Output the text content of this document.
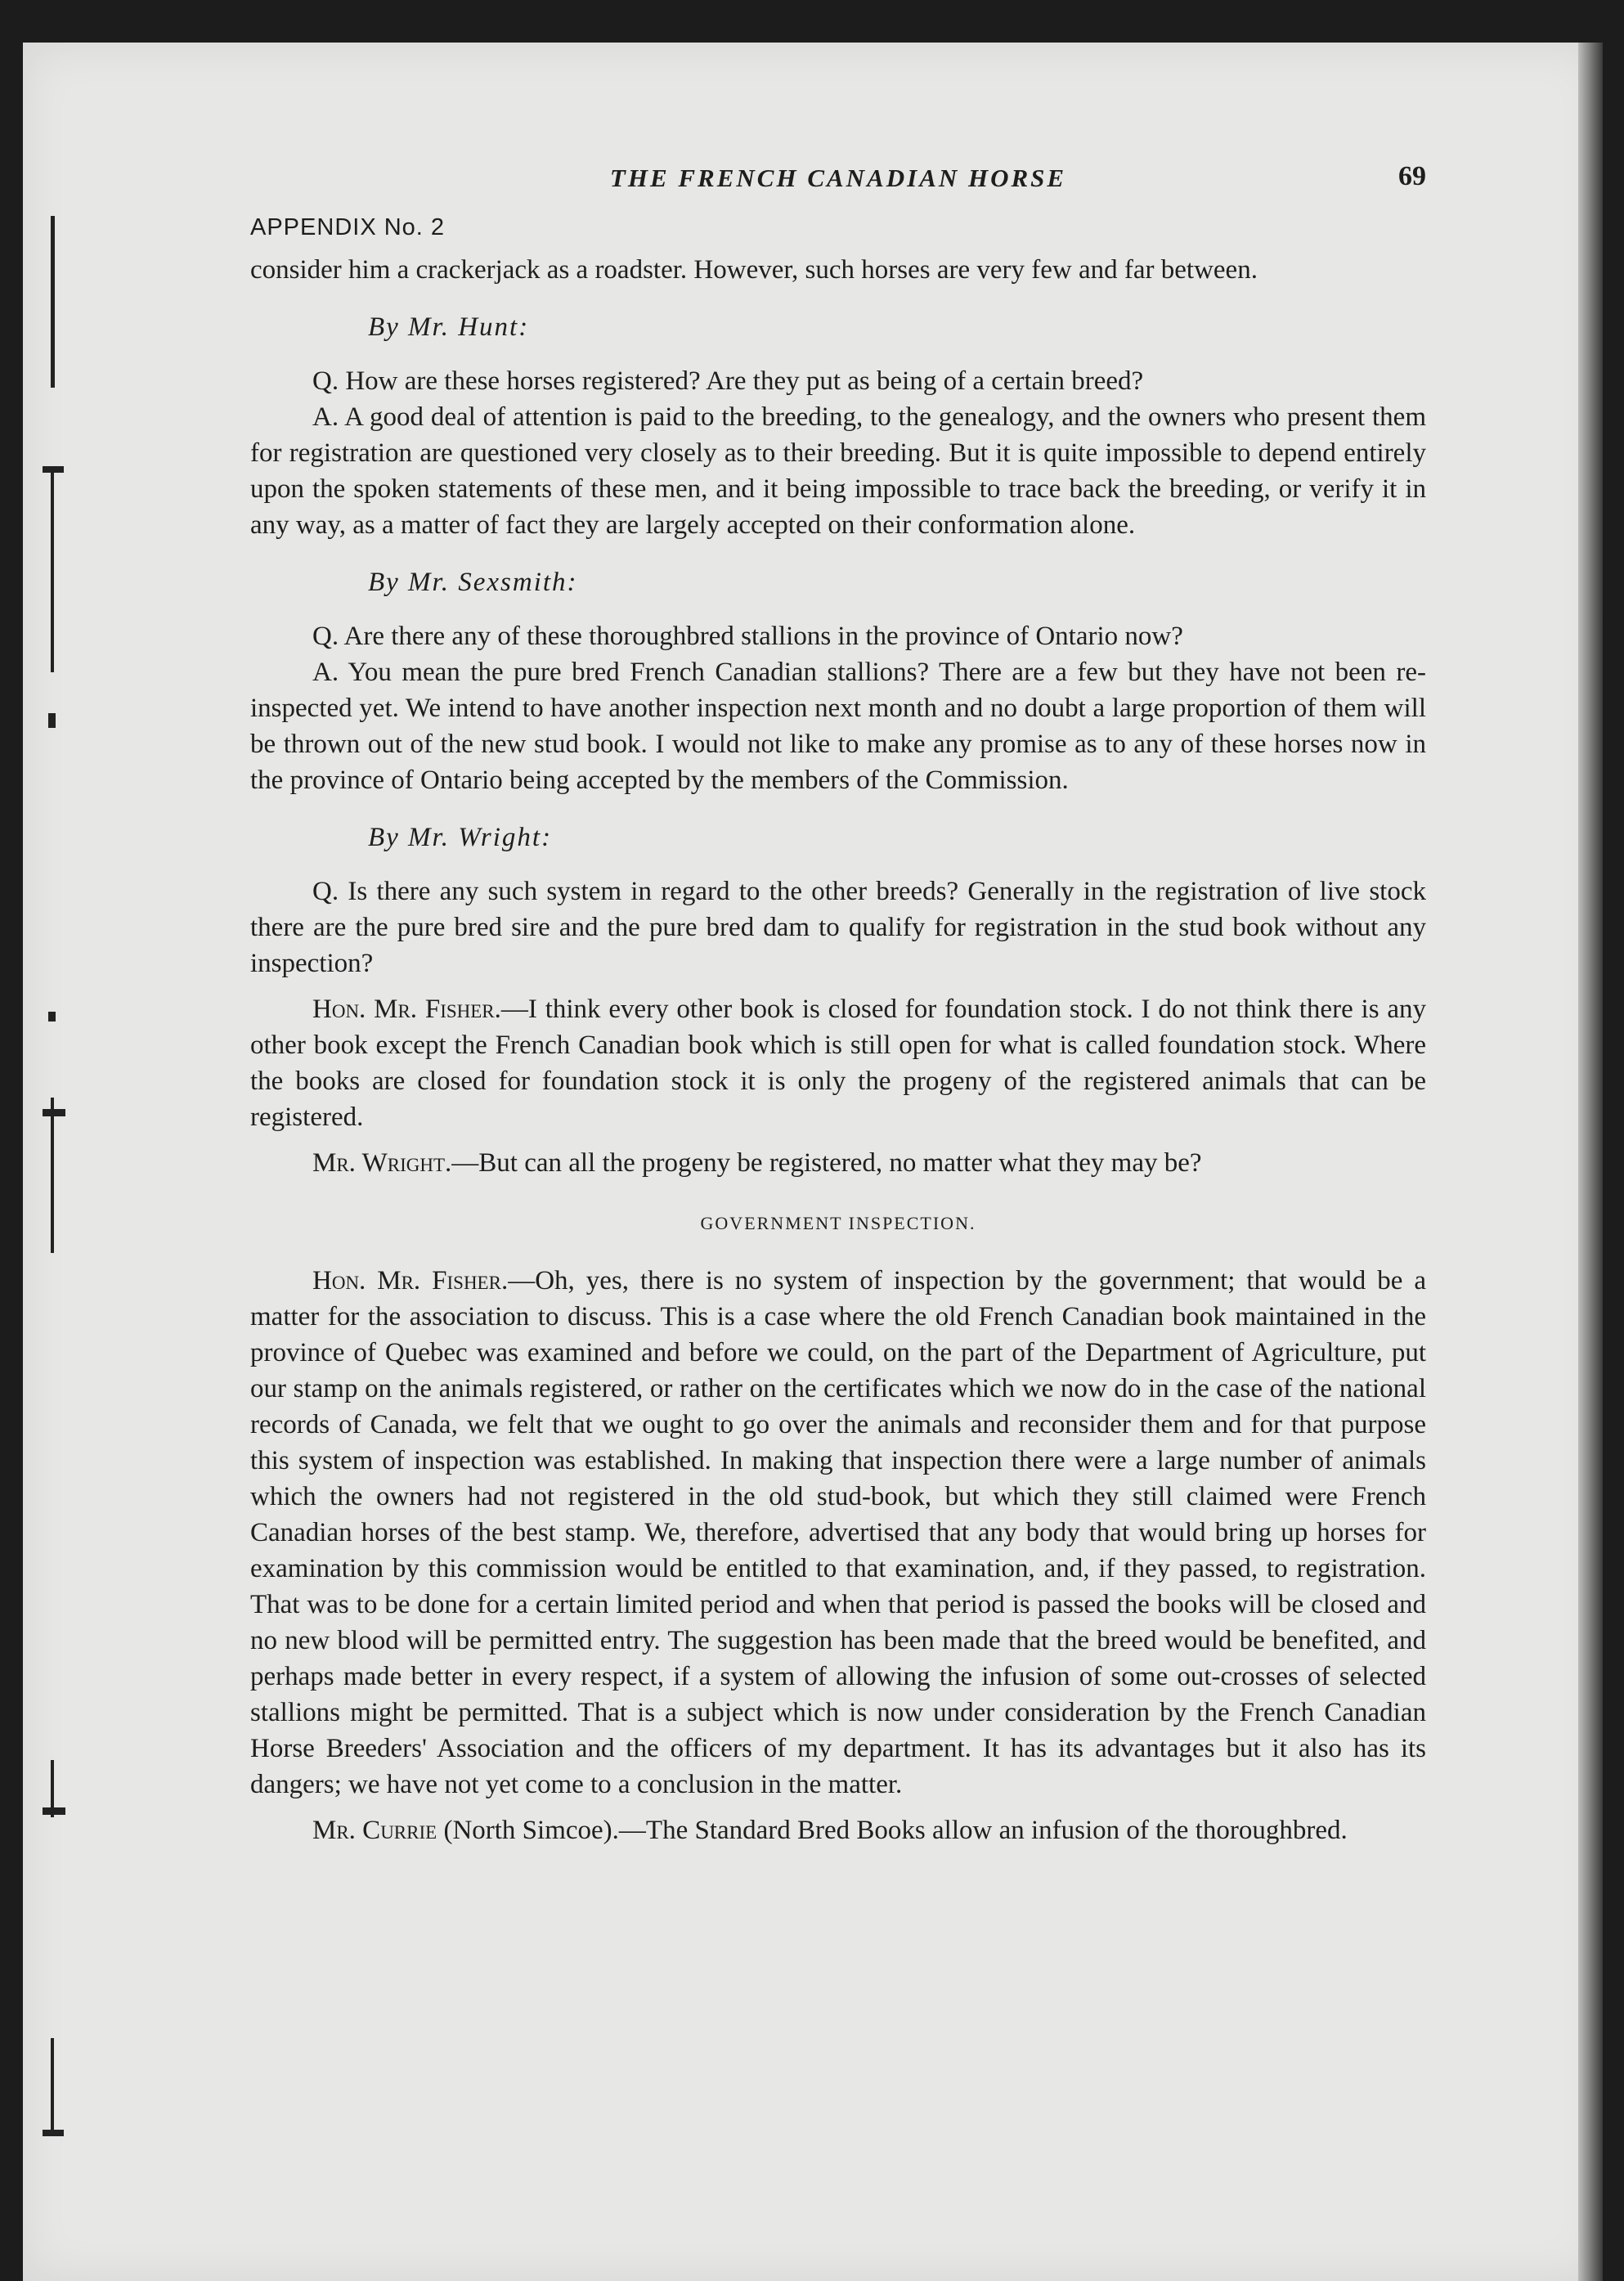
THE FRENCH CANADIAN HORSE	69
APPENDIX No. 2

consider him a crackerjack as a roadster. However, such horses are very few and far between.

By Mr. Hunt:

Q. How are these horses registered? Are they put as being of a certain breed?

A. A good deal of attention is paid to the breeding, to the genealogy, and the owners who present them for registration are questioned very closely as to their breeding. But it is quite impossible to depend entirely upon the spoken statements of these men, and it being impossible to trace back the breeding, or verify it in any way, as a matter of fact they are largely accepted on their conformation alone.

By Mr. Sexsmith:

Q. Are there any of these thoroughbred stallions in the province of Ontario now?

A. You mean the pure bred French Canadian stallions? There are a few but they have not been re-inspected yet. We intend to have another inspection next month and no doubt a large proportion of them will be thrown out of the new stud book. I would not like to make any promise as to any of these horses now in the province of Ontario being accepted by the members of the Commission.

By Mr. Wright:

Q. Is there any such system in regard to the other breeds? Generally in the registration of live stock there are the pure bred sire and the pure bred dam to qualify for registration in the stud book without any inspection?

Hon. Mr. Fisher.—I think every other book is closed for foundation stock. I do not think there is any other book except the French Canadian book which is still open for what is called foundation stock. Where the books are closed for foundation stock it is only the progeny of the registered animals that can be registered.

Mr. Wright.—But can all the progeny be registered, no matter what they may be?

GOVERNMENT INSPECTION.

Hon. Mr. Fisher.—Oh, yes, there is no system of inspection by the government; that would be a matter for the association to discuss. This is a case where the old French Canadian book maintained in the province of Quebec was examined and before we could, on the part of the Department of Agriculture, put our stamp on the animals registered, or rather on the certificates which we now do in the case of the national records of Canada, we felt that we ought to go over the animals and reconsider them and for that purpose this system of inspection was established. In making that inspection there were a large number of animals which the owners had not registered in the old stud-book, but which they still claimed were French Canadian horses of the best stamp. We, therefore, advertised that any body that would bring up horses for examination by this commission would be entitled to that examination, and, if they passed, to registration. That was to be done for a certain limited period and when that period is passed the books will be closed and no new blood will be permitted entry. The suggestion has been made that the breed would be benefited, and perhaps made better in every respect, if a system of allowing the infusion of some out-crosses of selected stallions might be permitted. That is a subject which is now under consideration by the French Canadian Horse Breeders' Association and the officers of my department. It has its advantages but it also has its dangers; we have not yet come to a conclusion in the matter.

Mr. Currie (North Simcoe).—The Standard Bred Books allow an infusion of the thoroughbred.
